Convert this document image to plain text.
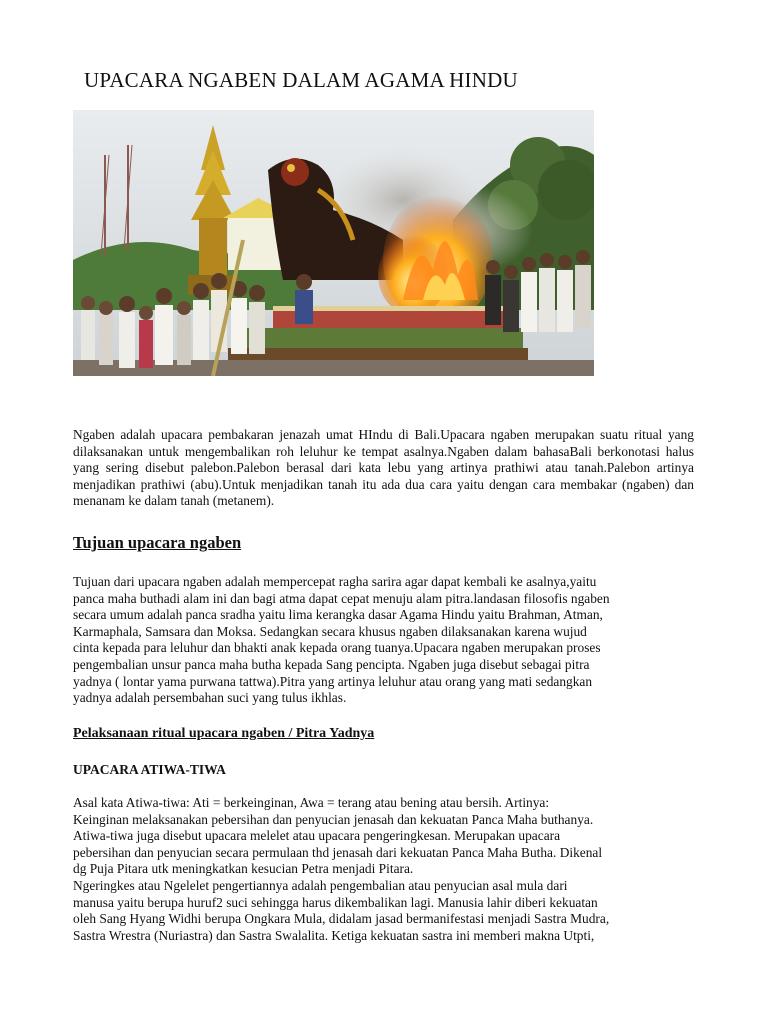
UPACARA NGABEN DALAM AGAMA HINDU

Ngaben adalah upacara pembakaran jenazah umat HIndu di Bali.Upacara ngaben merupakan suatu ritual yang dilaksanakan untuk mengembalikan roh leluhur ke tempat asalnya.Ngaben dalam bahasaBali berkonotasi halus yang sering disebut palebon.Palebon berasal dari kata lebu yang artinya prathiwi atau tanah.Palebon artinya menjadikan prathiwi (abu).Untuk menjadikan tanah itu ada dua cara yaitu dengan cara membakar (ngaben) dan menanam ke dalam tanah (metanem).

Tujuan upacara ngaben
Tujuan dari upacara ngaben adalah mempercepat ragha sarira agar dapat kembali ke asalnya,yaitu
panca maha buthadi alam ini dan bagi atma dapat cepat menuju alam pitra.landasan filosofis ngaben
secara umum adalah panca sradha yaitu lima kerangka dasar Agama Hindu yaitu Brahman, Atman,
Karmaphala, Samsara dan Moksa. Sedangkan secara khusus ngaben dilaksanakan karena wujud
cinta kepada para leluhur dan bhakti anak kepada orang tuanya.Upacara ngaben merupakan proses
pengembalian unsur panca maha butha kepada Sang pencipta. Ngaben juga disebut sebagai pitra
yadnya ( lontar yama purwana tattwa).Pitra yang artinya leluhur atau orang yang mati sedangkan
yadnya adalah persembahan suci yang tulus ikhlas.
Pelaksanaan ritual upacara ngaben / Pitra Yadnya
UPACARA ATIWA-TIWA
Asal kata Atiwa-tiwa: Ati = berkeinginan, Awa = terang atau bening atau bersih. Artinya:
Keinginan melaksanakan pebersihan dan penyucian jenasah dan kekuatan Panca Maha buthanya.
Atiwa-tiwa juga disebut upacara melelet atau upacara pengeringkesan. Merupakan upacara
pebersihan dan penyucian secara permulaan thd jenasah dari kekuatan Panca Maha Butha. Dikenal
dg Puja Pitara utk meningkatkan kesucian Petra menjadi Pitara.
Ngeringkes atau Ngelelet pengertiannya adalah pengembalian atau penyucian asal mula dari
manusa yaitu berupa huruf2 suci sehingga harus dikembalikan lagi. Manusia lahir diberi kekuatan
oleh Sang Hyang Widhi berupa Ongkara Mula, didalam jasad bermanifestasi menjadi Sastra Mudra,
Sastra Wrestra (Nuriastra) dan Sastra Swalalita. Ketiga kekuatan sastra ini memberi makna Utpti,
